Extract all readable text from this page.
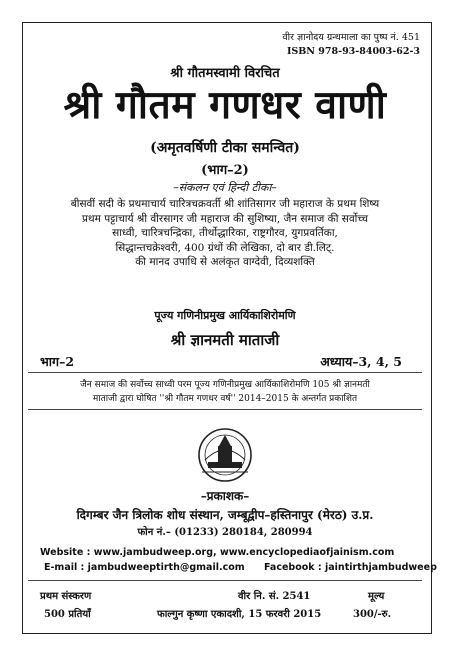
वीर ज्ञानोदय ग्रन्थमाला का पुष्प नं. 451
ISBN 978-93-84003-62-3
श्री गौतमस्वामी विरचित
श्री गौतम गणधर वाणी
(अमृतवर्षिणी टीका समन्वित)
(भाग–2)
–संकलन एवं हिन्दी टीका–
बीसवीं सदी के प्रथमाचार्य चारित्रचक्रवर्ती श्री शांतिसागर जी महाराज के प्रथम शिष्य
प्रथम पट्टाचार्य श्री वीरसागर जी महाराज की सुशिष्या, जैन समाज की सर्वोच्च
साध्वी, चारित्रचन्द्रिका, तीर्थोद्धारिका, राष्ट्रगौरव, युगप्रवर्तिका,
सिद्धान्तचक्रेश्वरी, 400 ग्रंथों की लेखिका, दो बार डी.लिट्.
की मानद उपाधि से अलंकृत वाग्देवी, दिव्यशक्ति
पूज्य गणिनीप्रमुख आर्यिकाशिरोमणि
श्री ज्ञानमती माताजी
भाग–2	अध्याय–3, 4, 5
जैन समाज की सर्वोच्च साध्वी परम पूज्य गणिनीप्रमुख आर्यिकाशिरोमणि 105 श्री ज्ञानमती
माताजी द्वारा घोषित ''श्री गौतम गणधर वर्ष'' 2014–2015 के अन्तर्गत प्रकाशित
–प्रकाशक–
दिगम्बर जैन त्रिलोक शोध संस्थान, जम्बूद्वीप–हस्तिनापुर (मेरठ) उ.प्र.
फोन नं.– (01233) 280184, 280994
Website : www.jambudweep.org, www.encyclopediaofjainism.com
E-mail : jambudweeptirth@gmail.com Facebook : jaintirthjambudweep
प्रथम संस्करण	वीर नि. सं. 2541	मूल्य
500 प्रतियाँ	फाल्गुन कृष्णा एकादशी, 15 फरवरी 2015	300/-रु.
